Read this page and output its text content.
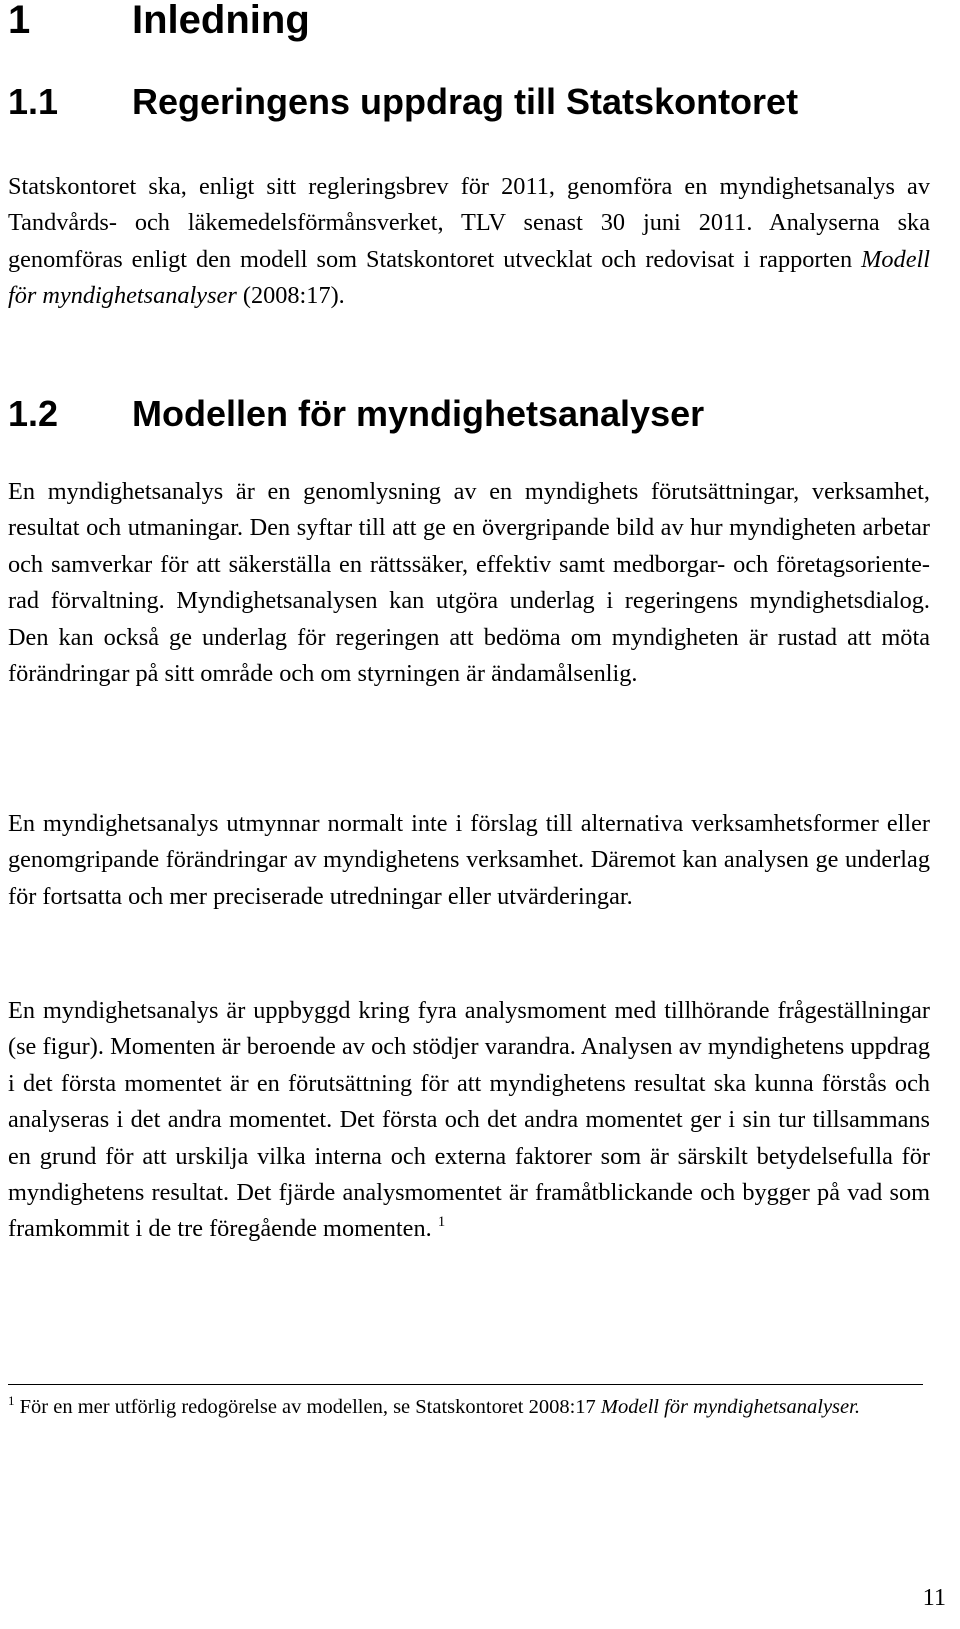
1	Inledning
1.1 Regeringens uppdrag till Statskontoret

Statskontoret ska, enligt sitt regleringsbrev för 2011, genomföra en myndighetsanalys av Tandvårds- och läkemedelsförmånsverket, TLV senast 30 juni 2011. Analyserna ska genomföras enligt den modell som Statskontoret utvecklat och redovisat i rapporten Modell för myndighetsanalyser (2008:17).

1.2 Modellen för myndighetsanalyser

En myndighetsanalys är en genomlysning av en myndighets förutsättningar, verksamhet, resultat och utmaningar. Den syftar till att ge en övergripande bild av hur myndigheten arbetar och samverkar för att säkerställa en rättssäker, effektiv samt medborgar- och företagsorienterad förvaltning. Myndighetsanalysen kan utgöra underlag i regeringens myndighetsdialog. Den kan också ge underlag för regeringen att bedöma om myndigheten är rustad att möta förändringar på sitt område och om styrningen är ändamålsenlig.

En myndighetsanalys utmynnar normalt inte i förslag till alternativa verksamhetsformer eller genomgripande förändringar av myndighetens verksamhet. Däremot kan analysen ge underlag för fortsatta och mer preciserade utredningar eller utvärderingar.

En myndighetsanalys är uppbyggd kring fyra analysmoment med tillhörande frågeställningar (se figur). Momenten är beroende av och stödjer varandra. Analysen av myndighetens uppdrag i det första momentet är en förutsättning för att myndighetens resultat ska kunna förstås och analyseras i det andra momentet. Det första och det andra momentet ger i sin tur tillsammans en grund för att urskilja vilka interna och externa faktorer som är särskilt betydelsefulla för myndighetens resultat. Det fjärde analysmomentet är framåtblickande och bygger på vad som framkommit i de tre föregående momenten. $^1$

$^1$ För en mer utförlig redogörelse av modellen, se Statskontoret 2008:17 Modell för myndighetsanalyser.
11
